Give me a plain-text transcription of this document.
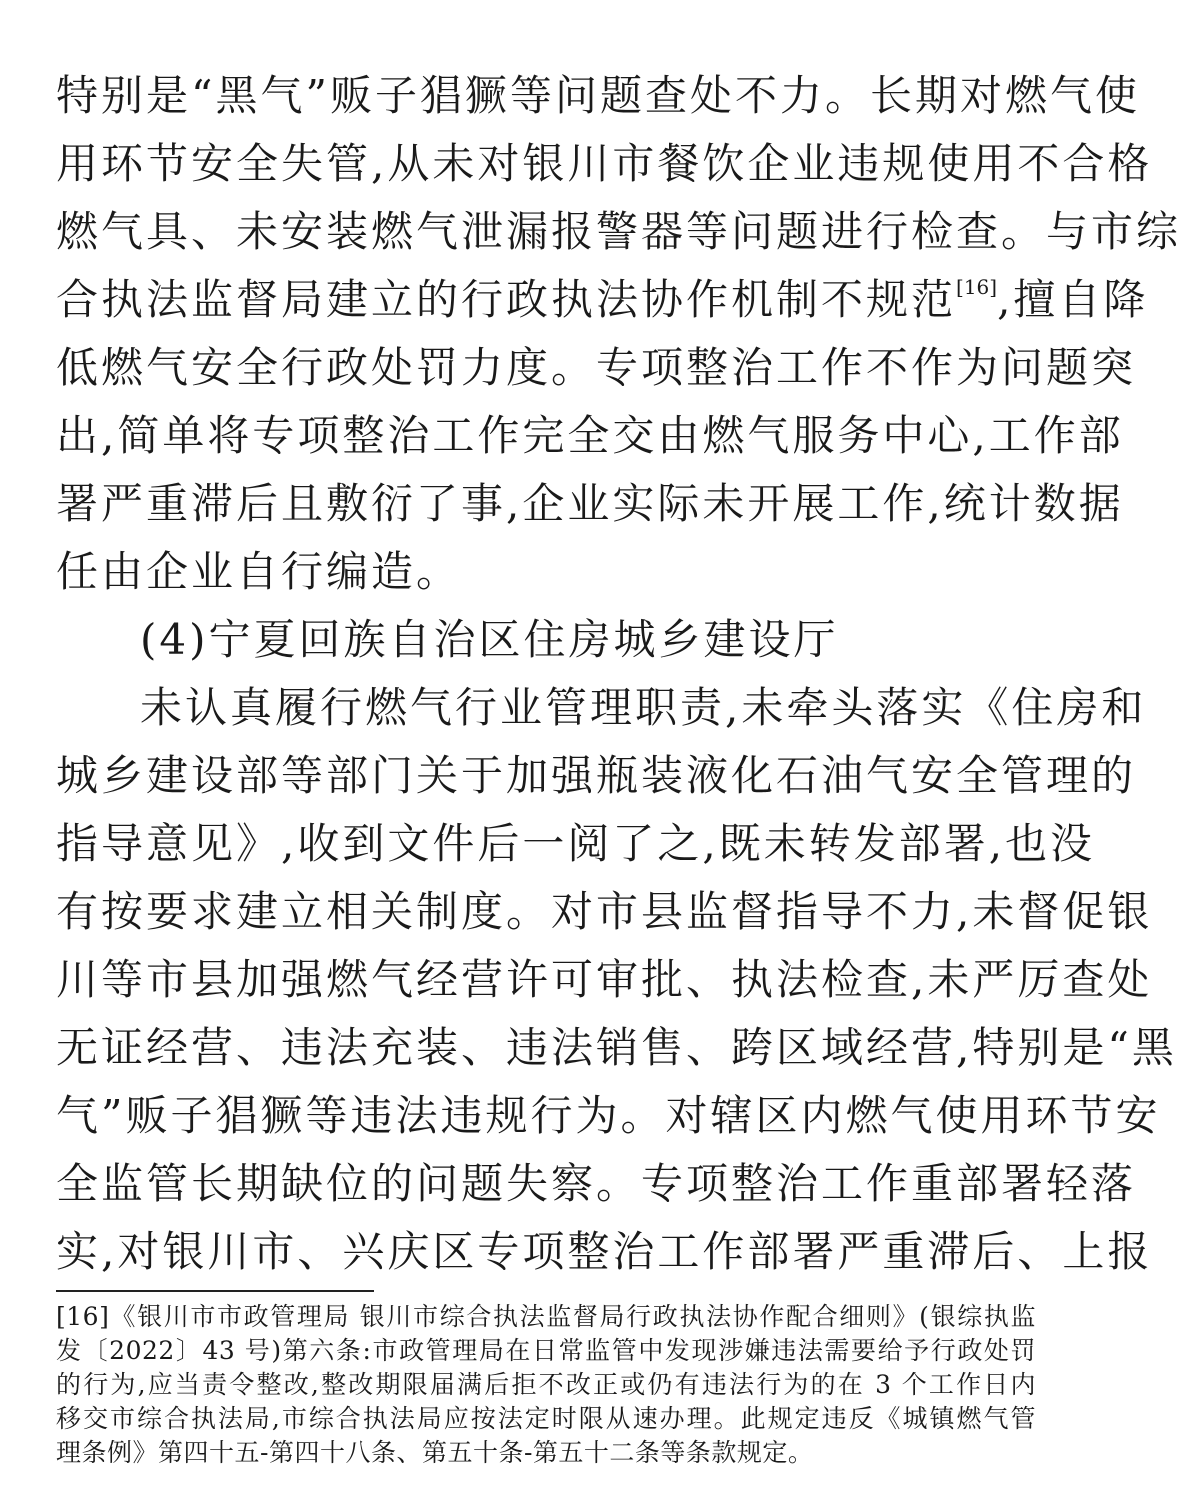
特别是“黑气”贩子猖獗等问题查处不力。长期对燃气使
用环节安全失管,从未对银川市餐饮企业违规使用不合格
燃气具、未安装燃气泄漏报警器等问题进行检查。与市综
合执法监督局建立的行政执法协作机制不规范[16],擅自降
低燃气安全行政处罚力度。专项整治工作不作为问题突
出,简单将专项整治工作完全交由燃气服务中心,工作部
署严重滞后且敷衍了事,企业实际未开展工作,统计数据
任由企业自行编造。
(4)宁夏回族自治区住房城乡建设厅
未认真履行燃气行业管理职责,未牵头落实《住房和
城乡建设部等部门关于加强瓶装液化石油气安全管理的
指导意见》,收到文件后一阅了之,既未转发部署,也没
有按要求建立相关制度。对市县监督指导不力,未督促银
川等市县加强燃气经营许可审批、执法检查,未严厉查处
无证经营、违法充装、违法销售、跨区域经营,特别是“黑
气”贩子猖獗等违法违规行为。对辖区内燃气使用环节安
全监管长期缺位的问题失察。专项整治工作重部署轻落
实,对银川市、兴庆区专项整治工作部署严重滞后、上报
[16]《银川市市政管理局 银川市综合执法监督局行政执法协作配合细则》(银综执监
发〔2022〕43 号)第六条:市政管理局在日常监管中发现涉嫌违法需要给予行政处罚
的行为,应当责令整改,整改期限届满后拒不改正或仍有违法行为的在 3 个工作日内
移交市综合执法局,市综合执法局应按法定时限从速办理。此规定违反《城镇燃气管
理条例》第四十五-第四十八条、第五十条-第五十二条等条款规定。
